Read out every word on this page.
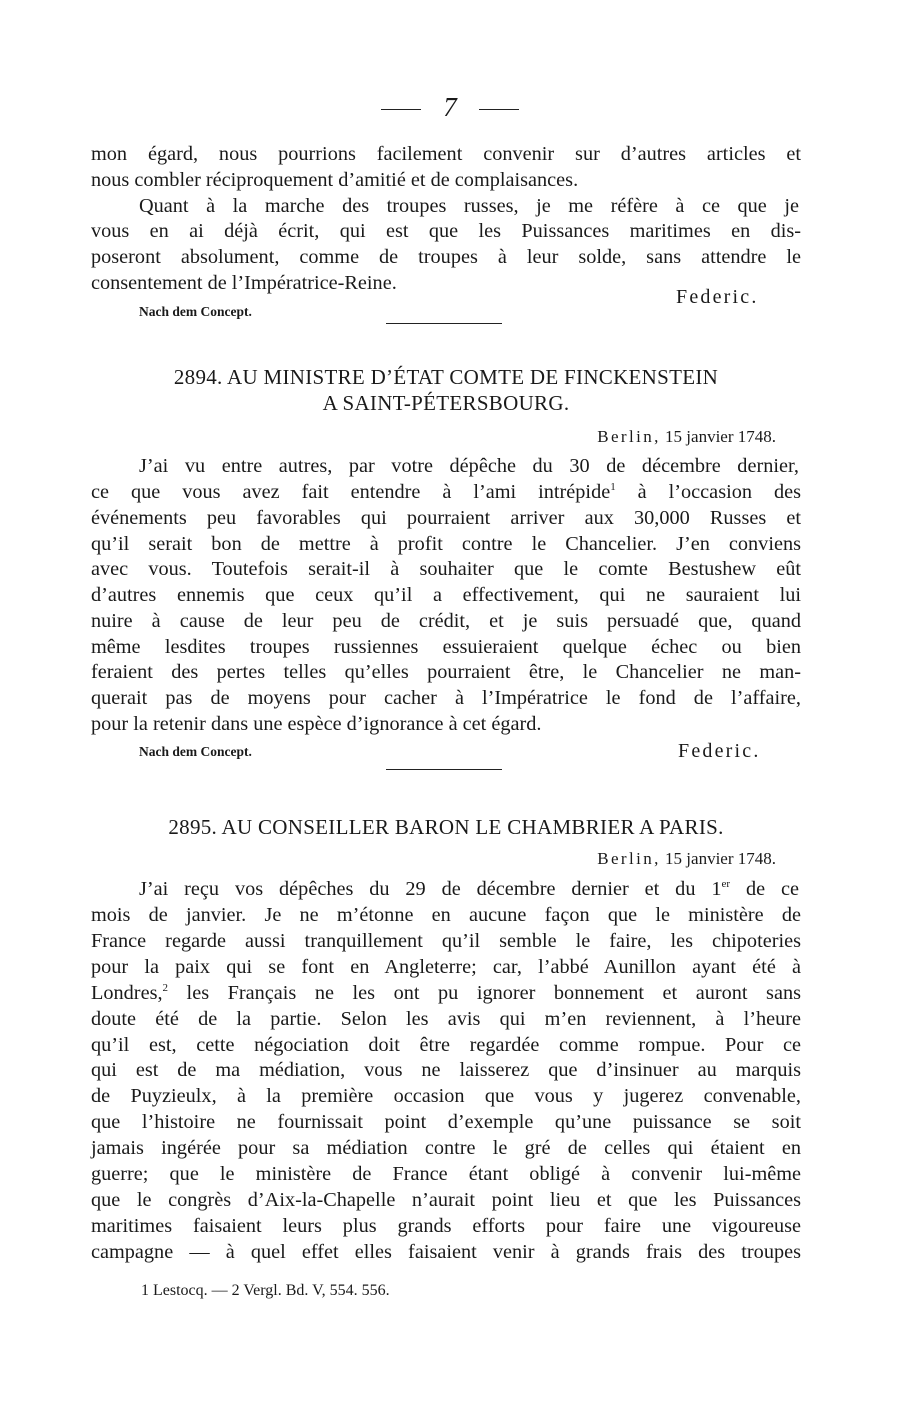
7
mon égard, nous pourrions facilement convenir sur d’autres articles et
nous combler réciproquement d’amitié et de complaisances.
Quant à la marche des troupes russes, je me réfère à ce que je
vous en ai déjà écrit, qui est que les Puissances maritimes en dis-
poseront absolument, comme de troupes à leur solde, sans attendre le
consentement de l’Impératrice-Reine.
Federic.
Nach dem Concept.
2894. AU MINISTRE D’ÉTAT COMTE DE FINCKENSTEIN
A SAINT-PÉTERSBOURG.
Berlin, 15 janvier 1748.
J’ai vu entre autres, par votre dépêche du 30 de décembre dernier,
ce que vous avez fait entendre à l’ami intrépide$^1$ à l’occasion des
événements peu favorables qui pourraient arriver aux 30,000 Russes et
qu’il serait bon de mettre à profit contre le Chancelier. J’en conviens
avec vous. Toutefois serait-il à souhaiter que le comte Bestushew eût
d’autres ennemis que ceux qu’il a effectivement, qui ne sauraient lui
nuire à cause de leur peu de crédit, et je suis persuadé que, quand
même lesdites troupes russiennes essuieraient quelque échec ou bien
feraient des pertes telles qu’elles pourraient être, le Chancelier ne man-
querait pas de moyens pour cacher à l’Impératrice le fond de l’affaire,
pour la retenir dans une espèce d’ignorance à cet égard.
Nach dem Concept.	Federic.
2895. AU CONSEILLER BARON LE CHAMBRIER A PARIS.
Berlin, 15 janvier 1748.
J’ai reçu vos dépêches du 29 de décembre dernier et du 1er de ce
mois de janvier. Je ne m’étonne en aucune façon que le ministère de
France regarde aussi tranquillement qu’il semble le faire, les chipoteries
pour la paix qui se font en Angleterre; car, l’abbé Aunillon ayant été à
Londres,$^2$ les Français ne les ont pu ignorer bonnement et auront sans
doute été de la partie. Selon les avis qui m’en reviennent, à l’heure
qu’il est, cette négociation doit être regardée comme rompue. Pour ce
qui est de ma médiation, vous ne laisserez que d’insinuer au marquis
de Puyzieulx, à la première occasion que vous y jugerez convenable,
que l’histoire ne fournissait point d’exemple qu’une puissance se soit
jamais ingérée pour sa médiation contre le gré de celles qui étaient en
guerre; que le ministère de France étant obligé à convenir lui-même
que le congrès d’Aix-la-Chapelle n’aurait point lieu et que les Puissances
maritimes faisaient leurs plus grands efforts pour faire une vigoureuse
campagne — à quel effet elles faisaient venir à grands frais des troupes
1 Lestocq. — 2 Vergl. Bd. V, 554. 556.
